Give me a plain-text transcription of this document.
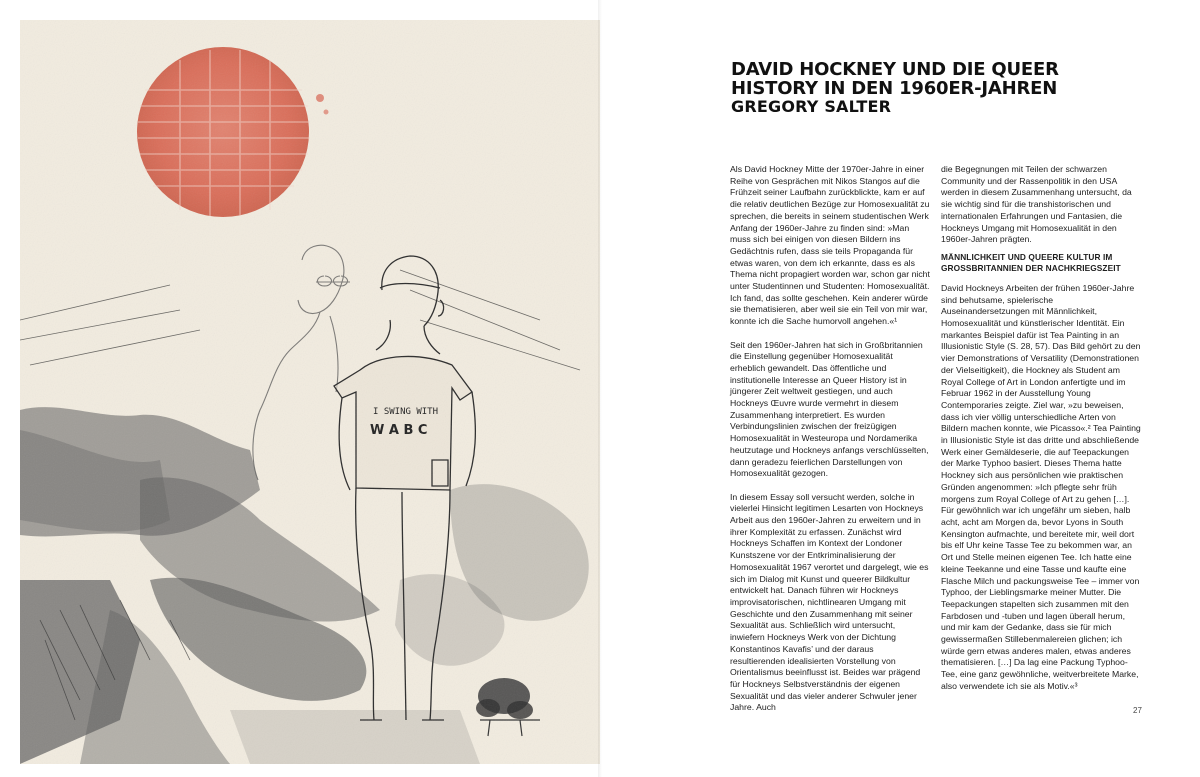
DAVID HOCKNEY UND DIE QUEER HISTORY IN DEN 1960ER-JAHREN
GREGORY SALTER

Als David Hockney Mitte der 1970er-Jahre in einer Reihe von Gesprächen mit Nikos Stangos auf die Frühzeit seiner Laufbahn zurückblickte, kam er auf die relativ deutlichen Bezüge zur Homosexualität zu sprechen, die bereits in seinem studentischen Werk Anfang der 1960er-Jahre zu finden sind: »Man muss sich bei einigen von diesen Bildern ins Gedächtnis rufen, dass sie teils Propaganda für etwas waren, von dem ich erkannte, dass es als Thema nicht propagiert worden war, schon gar nicht unter Studentinnen und Studenten: Homosexualität. Ich fand, das sollte geschehen. Kein anderer würde sie thematisieren, aber weil sie ein Teil von mir war, konnte ich die Sache humorvoll angehen.«¹

Seit den 1960er-Jahren hat sich in Großbritannien die Einstellung gegenüber Homosexualität erheblich gewandelt. Das öffentliche und institutionelle Interesse an Queer History ist in jüngerer Zeit weltweit gestiegen, und auch Hockneys Œuvre wurde vermehrt in diesem Zusammenhang interpretiert. Es wurden Verbindungslinien zwischen der freizügigen Homosexualität in Westeuropa und Nordamerika heutzutage und Hockneys anfangs verschlüsselten, dann geradezu feierlichen Darstellungen von Homosexualität gezogen.

In diesem Essay soll versucht werden, solche in vielerlei Hinsicht legitimen Lesarten von Hockneys Arbeit aus den 1960er-Jahren zu erweitern und in ihrer Komplexität zu erfassen. Zunächst wird Hockneys Schaffen im Kontext der Londoner Kunstszene vor der Entkriminalisierung der Homosexualität 1967 verortet und dargelegt, wie es sich im Dialog mit Kunst und queerer Bildkultur entwickelt hat. Danach führen wir Hockneys improvisatorischen, nichtlinearen Umgang mit Geschichte und den Zusammenhang mit seiner Sexualität aus. Schließlich wird untersucht, inwiefern Hockneys Werk von der Dichtung Konstantinos Kavafis’ und der daraus resultierenden idealisierten Vorstellung von Orientalismus beeinflusst ist. Beides war prägend für Hockneys Selbstverständnis der eigenen Sexualität und das vieler anderer Schwuler jener Jahre. Auch

die Begegnungen mit Teilen der schwarzen Community und der Rassenpolitik in den USA werden in diesem Zusammenhang untersucht, da sie wichtig sind für die transhistorischen und internationalen Erfahrungen und Fantasien, die Hockneys Umgang mit Homosexualität in den 1960er-Jahren prägten.

MÄNNLICHKEIT UND QUEERE KULTUR IM GROSSBRITANNIEN DER NACHKRIEGSZEIT

David Hockneys Arbeiten der frühen 1960er-Jahre sind behutsame, spielerische Auseinandersetzungen mit Männlichkeit, Homosexualität und künstlerischer Identität. Ein markantes Beispiel dafür ist Tea Painting in an Illusionistic Style (S. 28, 57). Das Bild gehört zu den vier Demonstrations of Versatility (Demonstrationen der Vielseitigkeit), die Hockney als Student am Royal College of Art in London anfertigte und im Februar 1962 in der Ausstellung Young Contemporaries zeigte. Ziel war, »zu beweisen, dass ich vier völlig unterschiedliche Arten von Bildern machen konnte, wie Picasso«.² Tea Painting in Illusionistic Style ist das dritte und abschließende Werk einer Gemäldeserie, die auf Teepackungen der Marke Typhoo basiert. Dieses Thema hatte Hockney sich aus persönlichen wie praktischen Gründen angenommen: »Ich pflegte sehr früh morgens zum Royal College of Art zu gehen […]. Für gewöhnlich war ich ungefähr um sieben, halb acht, acht am Morgen da, bevor Lyons in South Kensington aufmachte, und bereitete mir, weil dort bis elf Uhr keine Tasse Tee zu bekommen war, an Ort und Stelle meinen eigenen Tee. Ich hatte eine kleine Teekanne und eine Tasse und kaufte eine Flasche Milch und packungsweise Tee – immer von Typhoo, der Lieblingsmarke meiner Mutter. Die Teepackungen stapelten sich zusammen mit den Farbdosen und -tuben und lagen überall herum, und mir kam der Gedanke, dass sie für mich gewissermaßen Stillebenmalereien glichen; ich würde gern etwas anderes malen, etwas anderes thematisieren. […] Da lag eine Packung Typhoo-Tee, eine ganz gewöhnliche, weitverbreitete Marke, also verwendete ich sie als Motiv.«³

27
